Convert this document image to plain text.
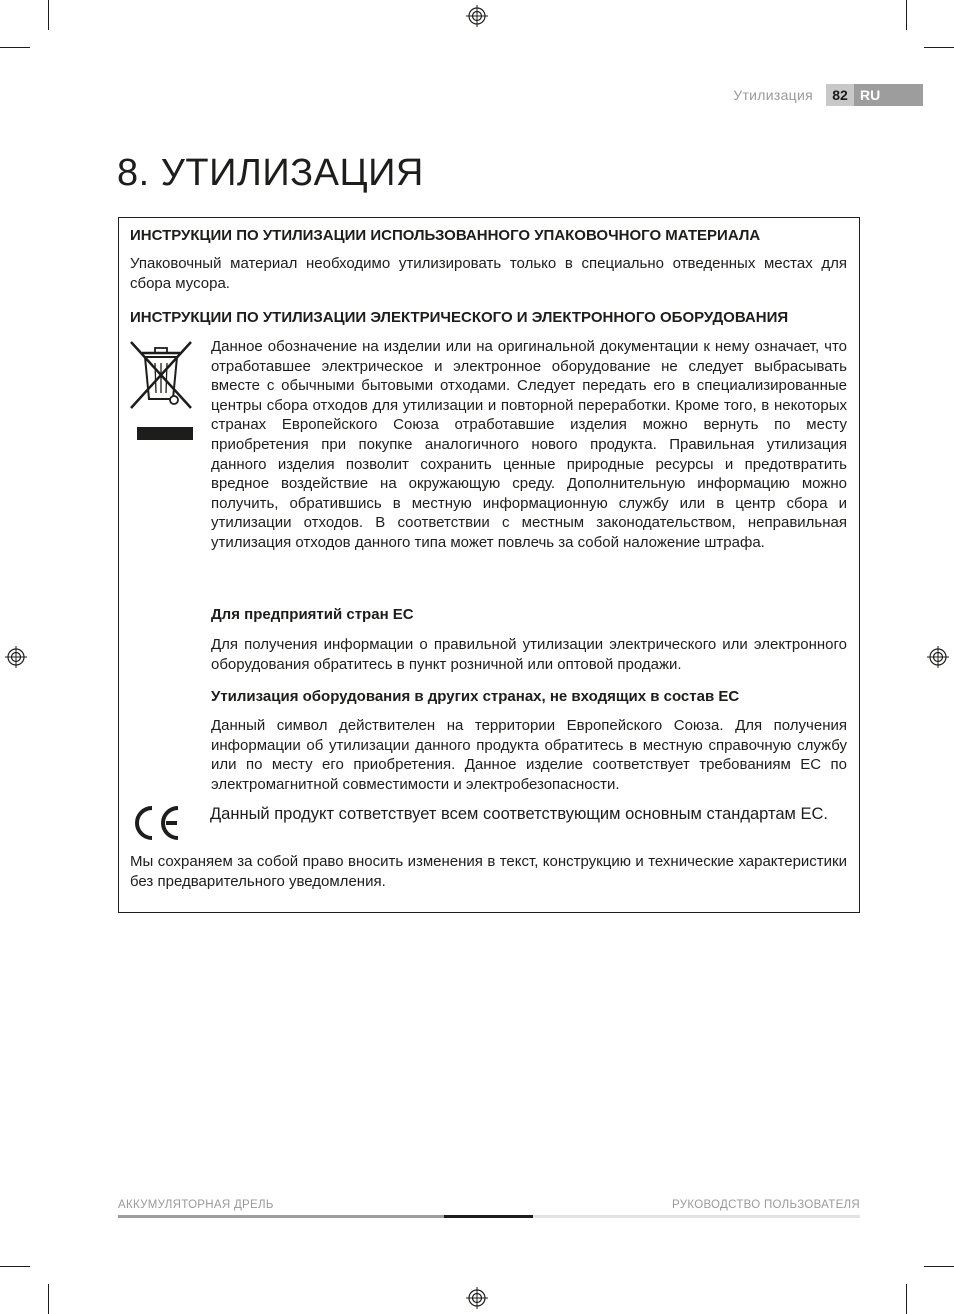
Утилизация	82 RU
8. УТИЛИЗАЦИЯ

ИНСТРУКЦИИ ПО УТИЛИЗАЦИИ ИСПОЛЬЗОВАННОГО УПАКОВОЧНОГО МАТЕРИАЛА

Упаковочный материал необходимо утилизировать только в специально отведенных местах для сбора мусора.

ИНСТРУКЦИИ ПО УТИЛИЗАЦИИ ЭЛЕКТРИЧЕСКОГО И ЭЛЕКТРОННОГО ОБОРУДОВАНИЯ

Данное обозначение на изделии или на оригинальной документации к нему означает, что отработавшее электрическое и электронное оборудование не следует выбрасывать вместе с обычными бытовыми отходами. Следует передать его в специализированные центры сбора отходов для утилизации и повторной переработки. Кроме того, в некоторых странах Европейского Союза отработавшие изделия можно вернуть по месту приобретения при покупке аналогичного нового продукта. Правильная утилизация данного изделия позволит сохранить ценные природные ресурсы и предотвратить вредное воздействие на окружающую среду. Дополнительную информацию можно получить, обратившись в местную информационную службу или в центр сбора и утилизации отходов. В соответствии с местным законодательством, неправильная утилизация отходов данного типа может повлечь за собой наложение штрафа.

Для предприятий стран ЕС

Для получения информации о правильной утилизации электрического или электронного оборудования обратитесь в пункт розничной или оптовой продажи.

Утилизация оборудования в других странах, не входящих в состав ЕС

Данный символ действителен на территории Европейского Союза. Для получения информации об утилизации данного продукта обратитесь в местную справочную службу или по месту его приобретения. Данное изделие соответствует требованиям ЕС по электромагнитной совместимости и электробезопасности.

Данный продукт сответствует всем соответствующим основным стандартам ЕС.

Мы сохраняем за собой право вносить изменения в текст, конструкцию и технические характеристики без предварительного уведомления.

АККУМУЛЯТОРНАЯ ДРЕЛЬ	РУКОВОДСТВО ПОЛЬЗОВАТЕЛЯ
